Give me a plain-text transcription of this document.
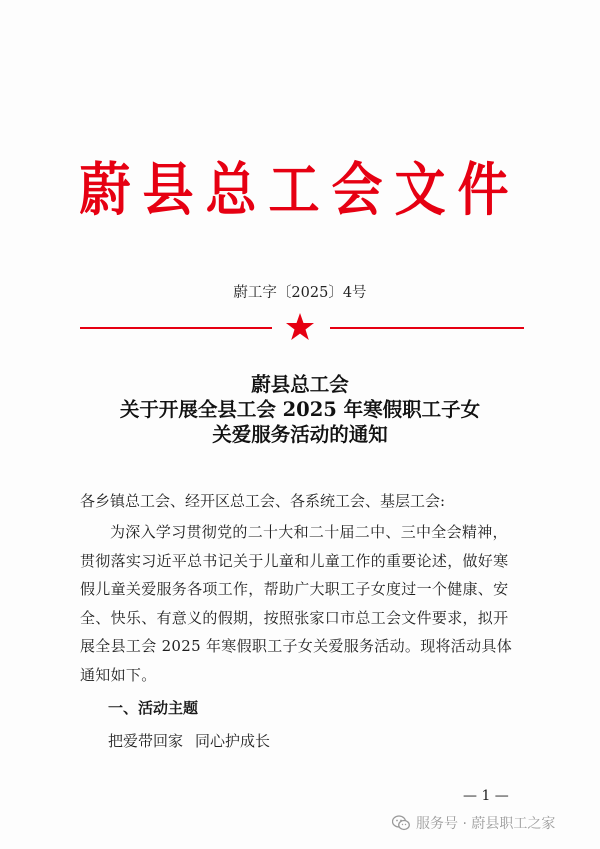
蔚县总工会文件
蔚工字〔2025〕4号
蔚县总工会
关于开展全县工会 2025 年寒假职工子女
关爱服务活动的通知
各乡镇总工会、经开区总工会、各系统工会、基层工会:
为深入学习贯彻党的二十大和二十届二中、三中全会精神，贯彻落实习近平总书记关于儿童和儿童工作的重要论述，做好寒假儿童关爱服务各项工作，帮助广大职工子女度过一个健康、安全、快乐、有意义的假期，按照张家口市总工会文件要求，拟开展全县工会 2025 年寒假职工子女关爱服务活动。现将活动具体通知如下。
一、活动主题
把爱带回家 同心护成长
— 1 —
服务号 · 蔚县职工之家
